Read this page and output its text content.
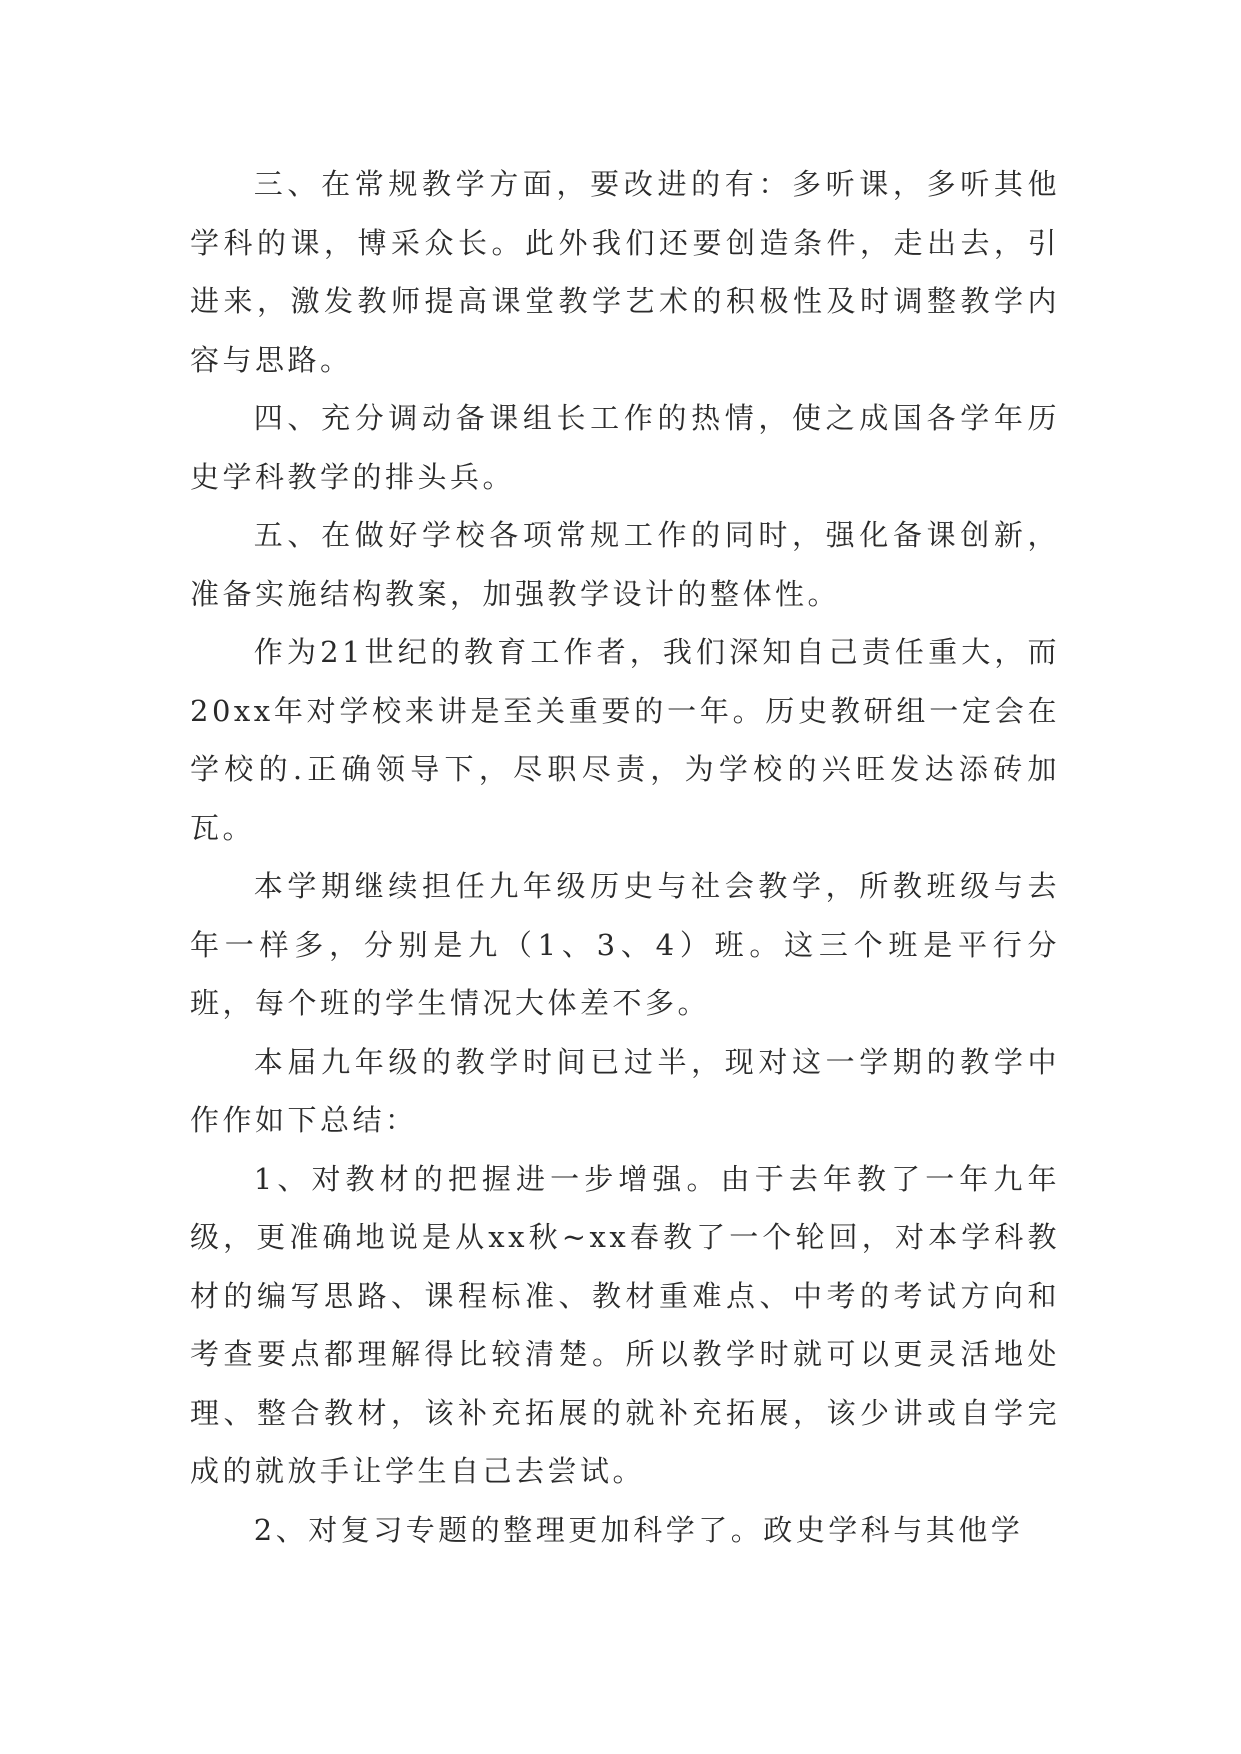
三、在常规教学方面，要改进的有：多听课，多听其他学科的课，博采众长。此外我们还要创造条件，走出去，引进来，激发教师提高课堂教学艺术的积极性及时调整教学内容与思路。

四、充分调动备课组长工作的热情，使之成国各学年历史学科教学的排头兵。

五、在做好学校各项常规工作的同时，强化备课创新，准备实施结构教案，加强教学设计的整体性。

作为21世纪的教育工作者，我们深知自己责任重大，而20xx年对学校来讲是至关重要的一年。历史教研组一定会在学校的.正确领导下，尽职尽责，为学校的兴旺发达添砖加瓦。

本学期继续担任九年级历史与社会教学，所教班级与去年一样多，分别是九（1、3、4）班。这三个班是平行分班，每个班的学生情况大体差不多。

本届九年级的教学时间已过半，现对这一学期的教学中作作如下总结：

1、对教材的把握进一步增强。由于去年教了一年九年级，更准确地说是从xx秋~xx春教了一个轮回，对本学科教材的编写思路、课程标准、教材重难点、中考的考试方向和考查要点都理解得比较清楚。所以教学时就可以更灵活地处理、整合教材，该补充拓展的就补充拓展，该少讲或自学完成的就放手让学生自己去尝试。

2、对复习专题的整理更加科学了。政史学科与其他学
